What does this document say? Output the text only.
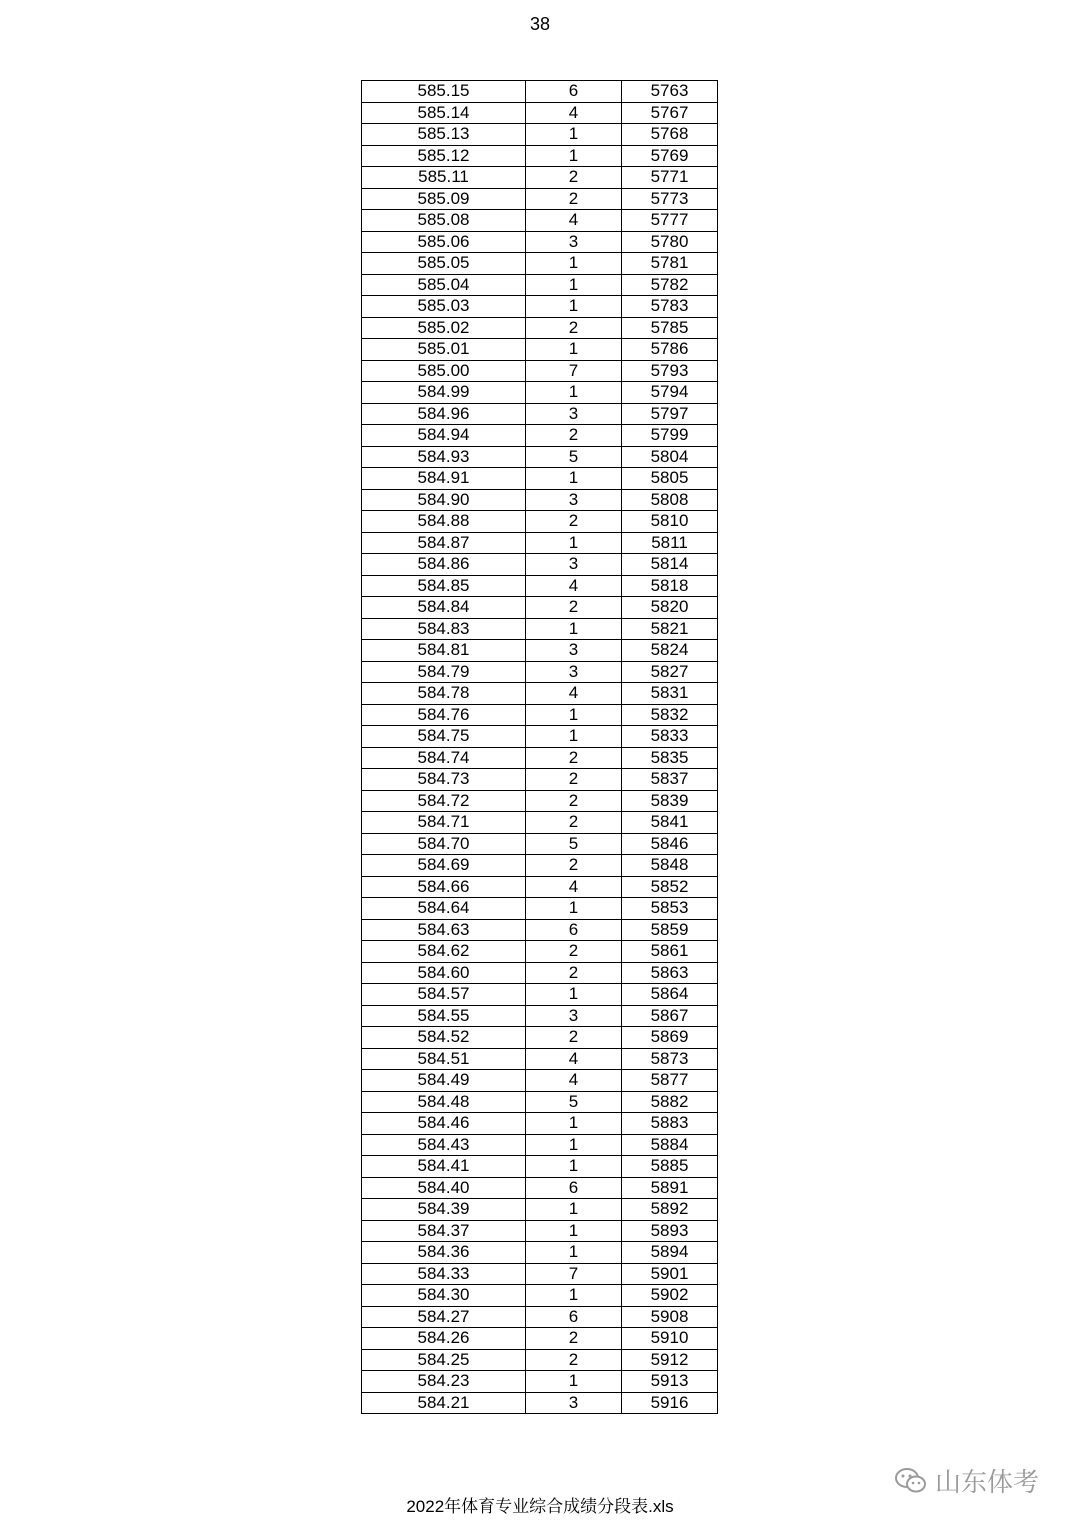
38
585.15	6	5763
585.14	4	5767
585.13	1	5768
585.12	1	5769
585.11	2	5771
585.09	2	5773
585.08	4	5777
585.06	3	5780
585.05	1	5781
585.04	1	5782
585.03	1	5783
585.02	2	5785
585.01	1	5786
585.00	7	5793
584.99	1	5794
584.96	3	5797
584.94	2	5799
584.93	5	5804
584.91	1	5805
584.90	3	5808
584.88	2	5810
584.87	1	5811
584.86	3	5814
584.85	4	5818
584.84	2	5820
584.83	1	5821
584.81	3	5824
584.79	3	5827
584.78	4	5831
584.76	1	5832
584.75	1	5833
584.74	2	5835
584.73	2	5837
584.72	2	5839
584.71	2	5841
584.70	5	5846
584.69	2	5848
584.66	4	5852
584.64	1	5853
584.63	6	5859
584.62	2	5861
584.60	2	5863
584.57	1	5864
584.55	3	5867
584.52	2	5869
584.51	4	5873
584.49	4	5877
584.48	5	5882
584.46	1	5883
584.43	1	5884
584.41	1	5885
584.40	6	5891
584.39	1	5892
584.37	1	5893
584.36	1	5894
584.33	7	5901
584.30	1	5902
584.27	6	5908
584.26	2	5910
584.25	2	5912
584.23	1	5913
584.21	3	5916
山东体考
2022年体育专业综合成绩分段表.xls
